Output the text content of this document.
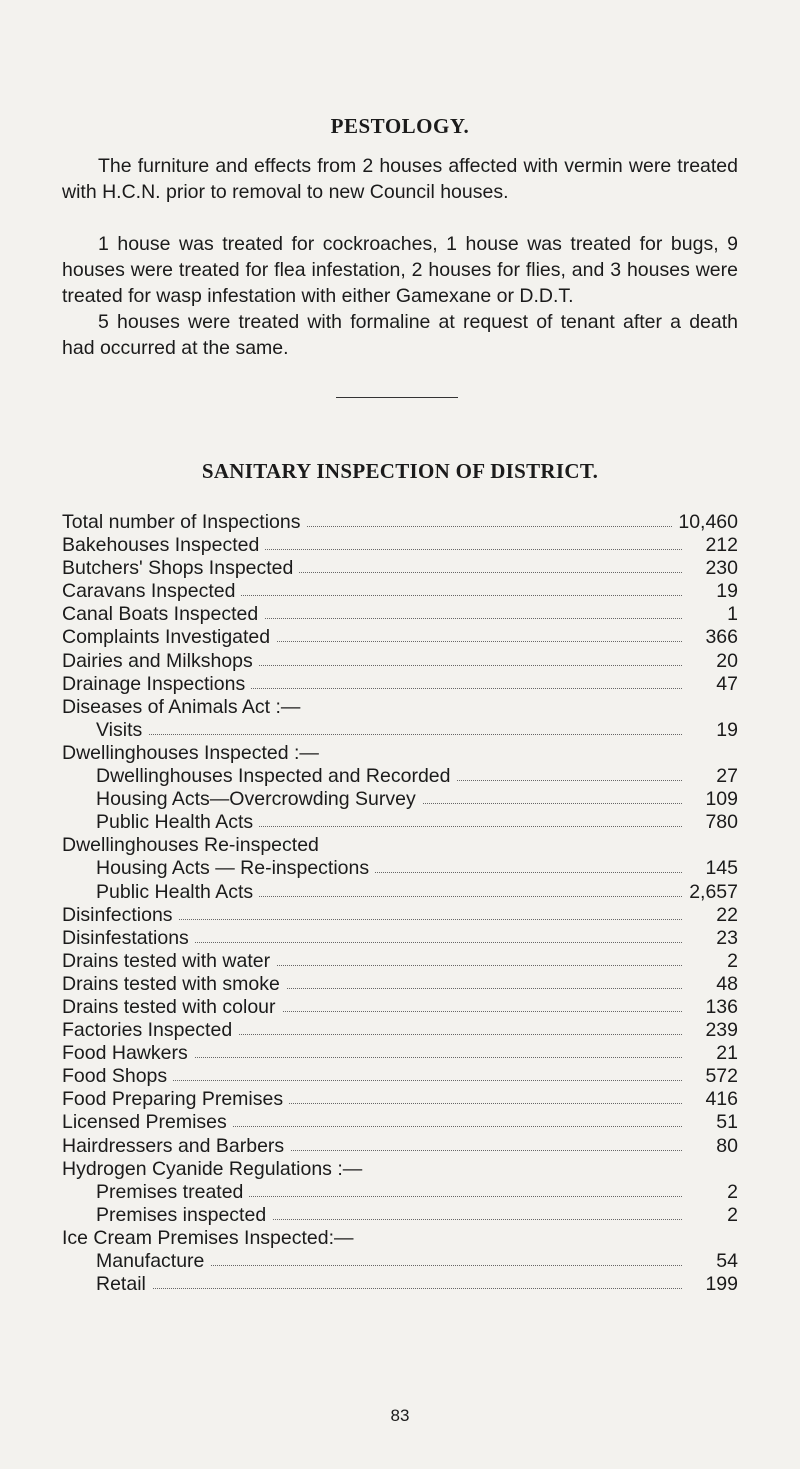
PESTOLOGY.
The furniture and effects from 2 houses affected with vermin were treated with H.C.N. prior to removal to new Council houses.
1 house was treated for cockroaches, 1 house was treated for bugs, 9 houses were treated for flea infestation, 2 houses for flies, and 3 houses were treated for wasp infestation with either Gamexane or D.D.T.
5 houses were treated with formaline at request of tenant after a death had occurred at the same.
SANITARY INSPECTION OF DISTRICT.
Total number of Inspections	10,460
Bakehouses Inspected	212
Butchers' Shops Inspected	230
Caravans Inspected	19
Canal Boats Inspected	1
Complaints Investigated	366
Dairies and Milkshops	20
Drainage Inspections	47
Diseases of Animals Act :—
Visits	19
Dwellinghouses Inspected :—
Dwellinghouses Inspected and Recorded	27
Housing Acts—Overcrowding Survey	109
Public Health Acts	780
Dwellinghouses Re-inspected
Housing Acts — Re-inspections	145
Public Health Acts	2,657
Disinfections	22
Disinfestations	23
Drains tested with water	2
Drains tested with smoke	48
Drains tested with colour	136
Factories Inspected	239
Food Hawkers	21
Food Shops	572
Food Preparing Premises	416
Licensed Premises	51
Hairdressers and Barbers	80
Hydrogen Cyanide Regulations :—
Premises treated	2
Premises inspected	2
Ice Cream Premises Inspected:—
Manufacture	54
Retail	199
83
